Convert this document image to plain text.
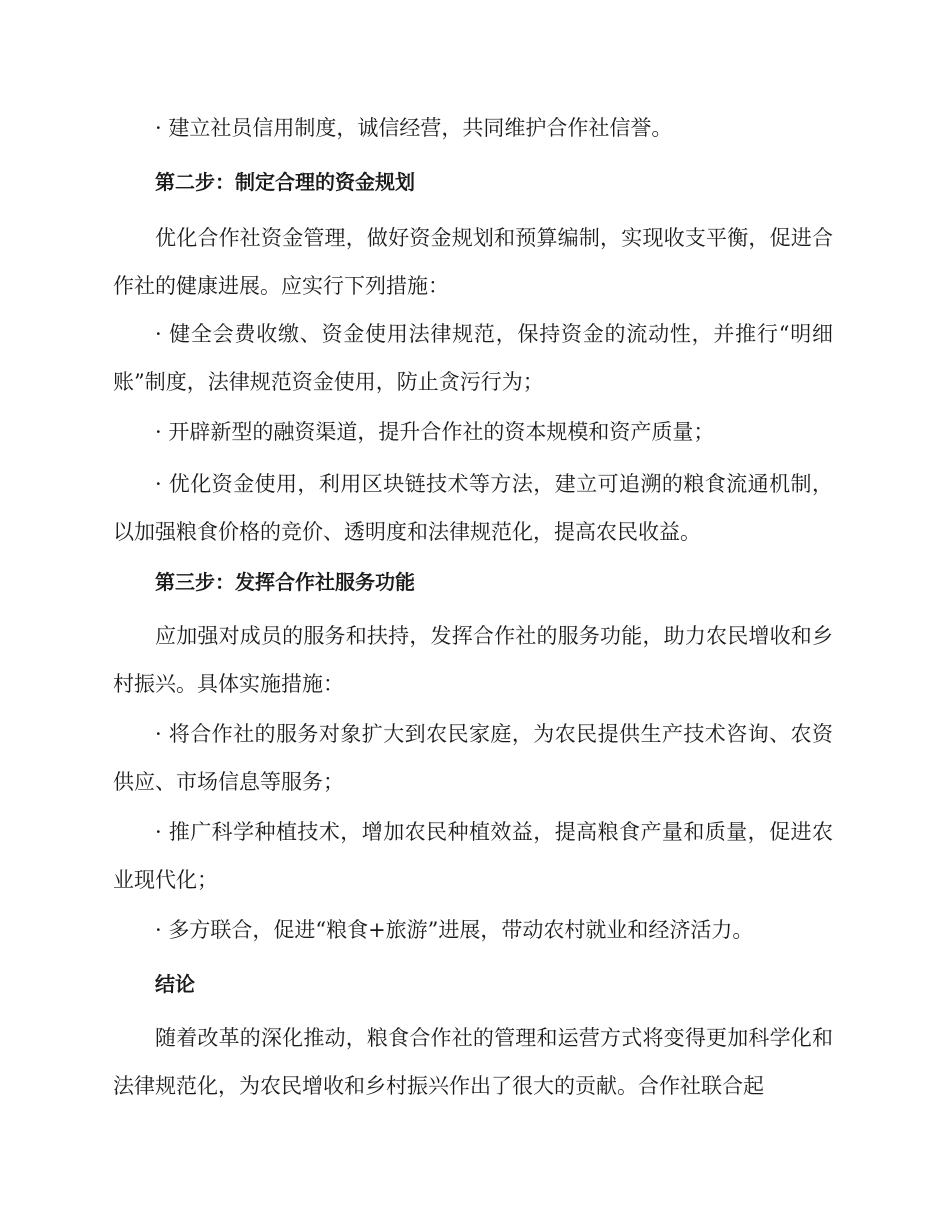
· 建立社员信用制度，诚信经营，共同维护合作社信誉。

第二步：制定合理的资金规划

优化合作社资金管理，做好资金规划和预算编制，实现收支平衡，促进合作社的健康进展。应实行下列措施：

· 健全会费收缴、资金使用法律规范，保持资金的流动性，并推行“明细账”制度，法律规范资金使用，防止贪污行为；

· 开辟新型的融资渠道，提升合作社的资本规模和资产质量；

· 优化资金使用，利用区块链技术等方法，建立可追溯的粮食流通机制，以加强粮食价格的竞价、透明度和法律规范化，提高农民收益。

第三步：发挥合作社服务功能

应加强对成员的服务和扶持，发挥合作社的服务功能，助力农民增收和乡村振兴。具体实施措施：

· 将合作社的服务对象扩大到农民家庭，为农民提供生产技术咨询、农资供应、市场信息等服务；

· 推广科学种植技术，增加农民种植效益，提高粮食产量和质量，促进农业现代化；

· 多方联合，促进“粮食+旅游”进展，带动农村就业和经济活力。

结论

随着改革的深化推动，粮食合作社的管理和运营方式将变得更加科学化和法律规范化，为农民增收和乡村振兴作出了很大的贡献。合作社联合起
